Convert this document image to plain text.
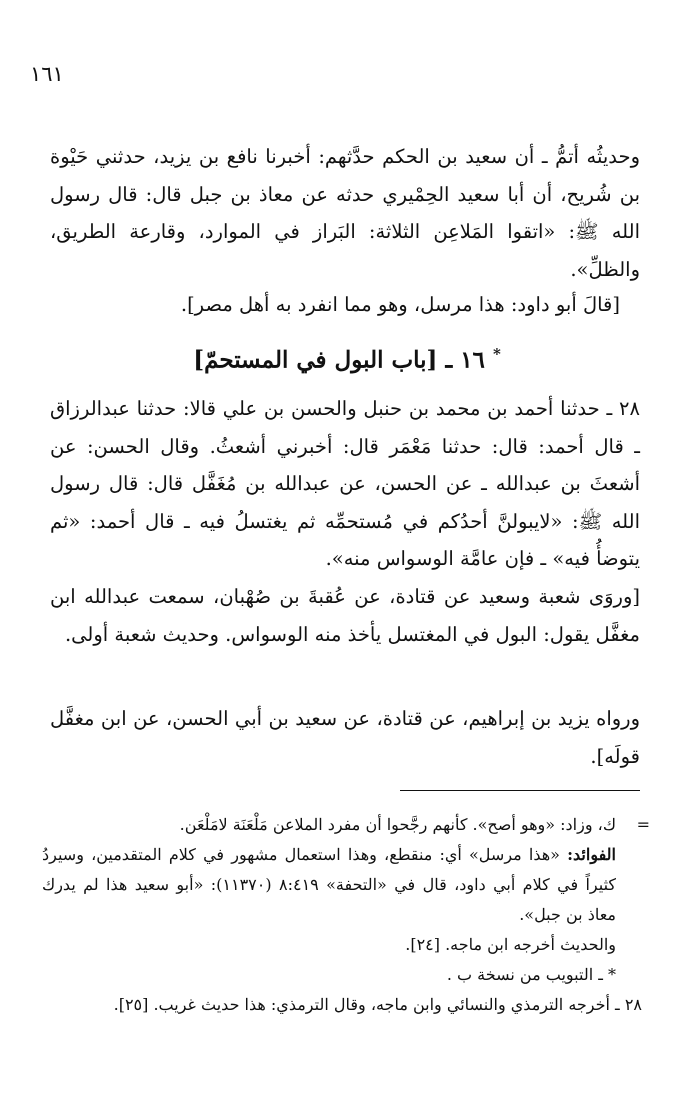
١٦١

وحديثُه أتمُّ ـ أن سعيد بن الحكم حدَّثهم: أخبرنا نافع بن يزيد، حدثني حَيْوة بن شُريح، أن أبا سعيد الحِمْيري حدثه عن معاذ بن جبل قال: قال رسول الله ﷺ: «اتقوا المَلاعِن الثلاثة: البَراز في الموارد، وقارعة الطريق، والظلِّ».

[قالَ أبو داود: هذا مرسل، وهو مما انفرد به أهل مصر].

* ١٦ ـ [باب البول في المستحمّ]

٢٨ ـ حدثنا أحمد بن محمد بن حنبل والحسن بن علي قالا: حدثنا عبدالرزاق ـ قال أحمد: قال: حدثنا مَعْمَر قال: أخبرني أشعثُ. وقال الحسن: عن أشعثَ بن عبدالله ـ عن الحسن، عن عبدالله بن مُغَفَّل قال: قال رسول الله ﷺ: «لايبولنَّ أحدُكم في مُستحمِّه ثم يغتسلُ فيه ـ قال أحمد: «ثم يتوضأُ فيه» ـ فإن عامَّة الوسواس منه».

[وروَى شعبة وسعيد عن قتادة، عن عُقبةَ بن صُهْبان، سمعت عبدالله ابن مغفَّل يقول: البول في المغتسل يأخذ منه الوسواس. وحديث شعبة أولى.

ورواه يزيد بن إبراهيم، عن قتادة، عن سعيد بن أبي الحسن، عن ابن مغفَّل قولَه].

=
ك، وزاد: «وهو أصح». كأنهم رجَّحوا أن مفرد الملاعن مَلْعَنَة لامَلْعَن.

الفوائد: «هذا مرسل» أي: منقطع، وهذا استعمال مشهور في كلام المتقدمين، وسيردُ كثيراً في كلام أبي داود، قال في «التحفة» ٨:٤١٩ (١١٣٧٠): «أبو سعيد هذا لم يدرك معاذ بن جبل».

والحديث أخرجه ابن ماجه. [٢٤].

* ـ التبويب من نسخة ب .

٢٨ ـ أخرجه الترمذي والنسائي وابن ماجه، وقال الترمذي: هذا حديث غريب. [٢٥].
